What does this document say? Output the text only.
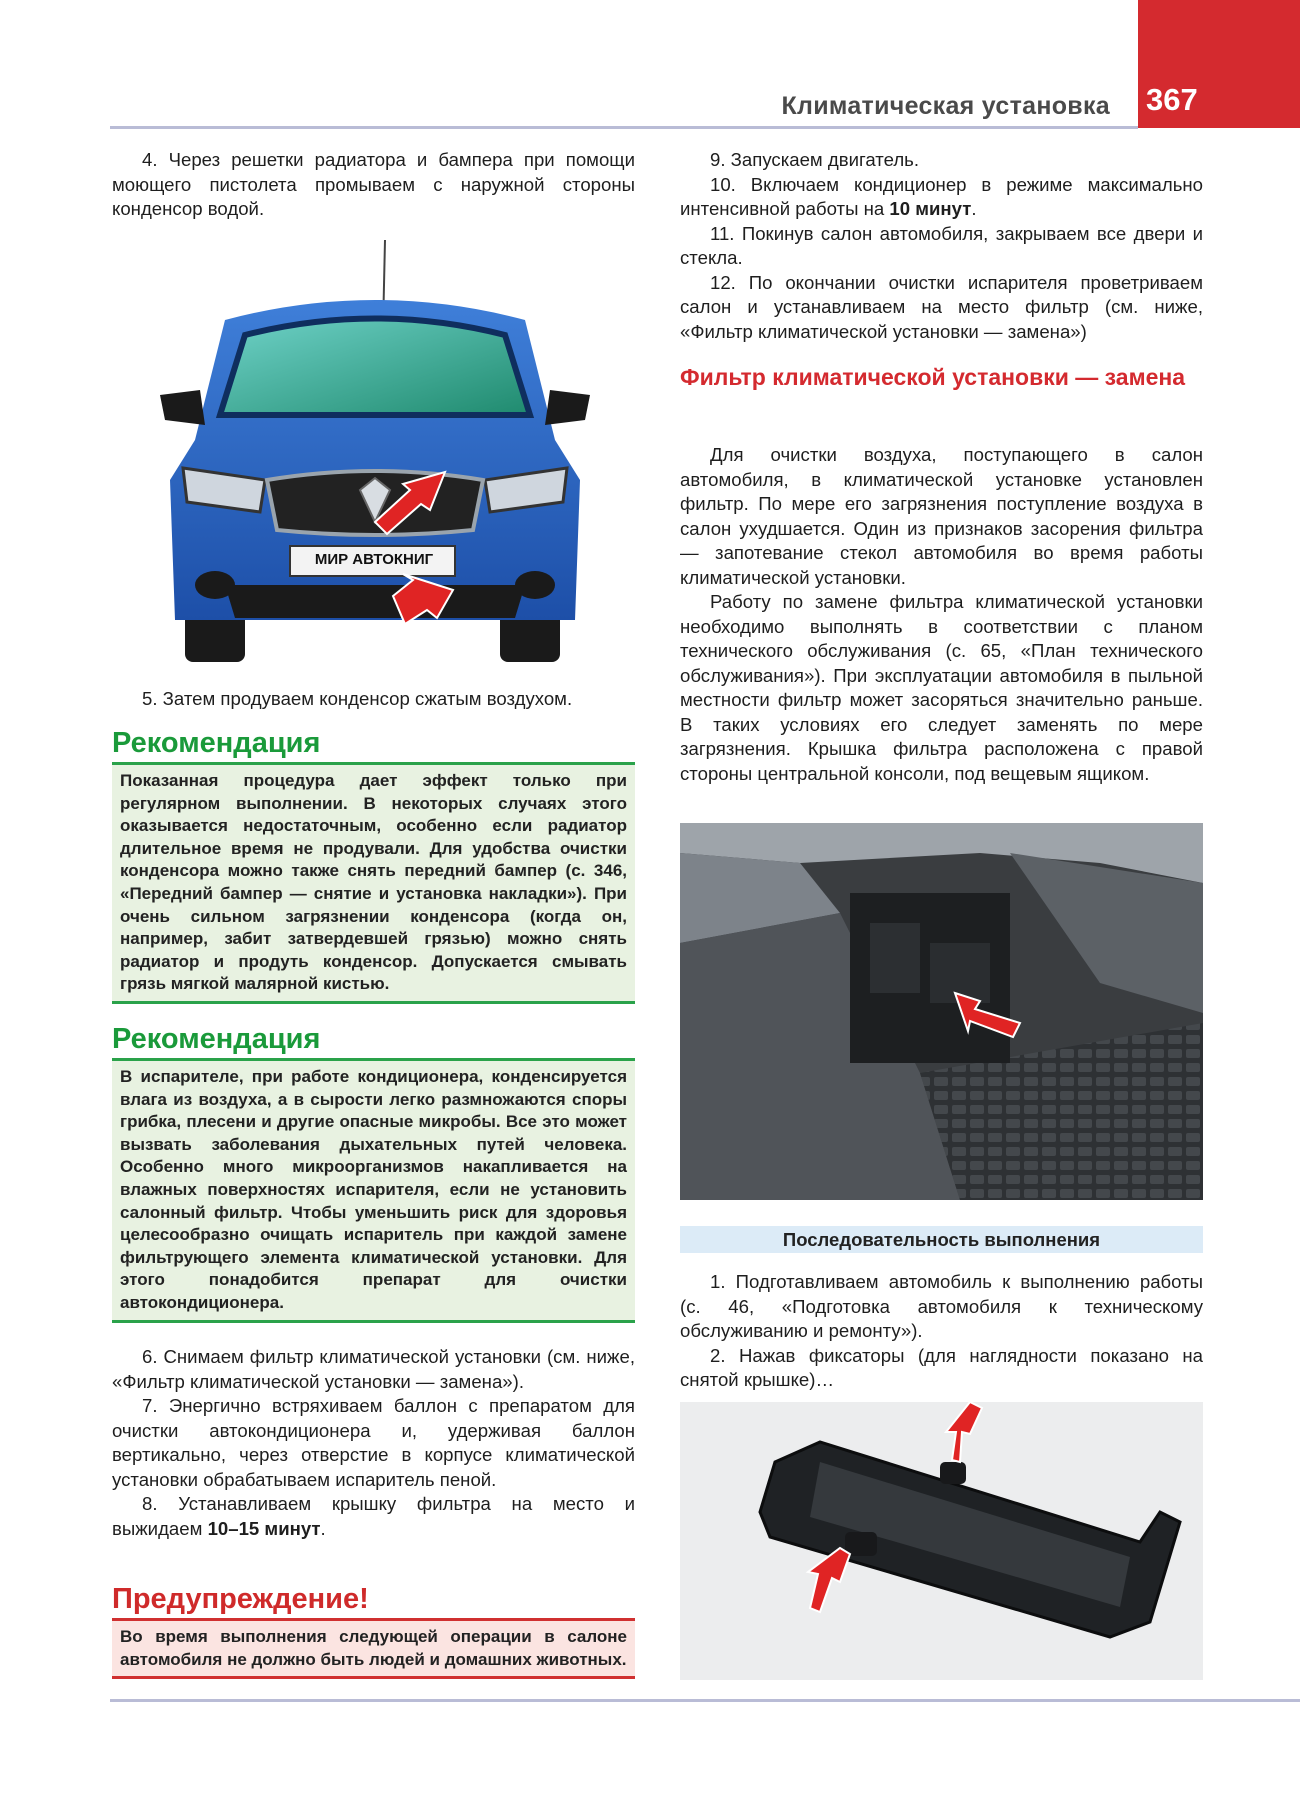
367
Климатическая установка

4. Через решетки радиатора и бампера при помощи моющего пистолета промываем с наружной стороны конденсор водой.

МИР АВТОКНИГ

5. Затем продуваем конденсор сжатым воздухом.

Рекомендация

Показанная процедура дает эффект только при регулярном выполнении. В некоторых случаях этого оказывается недостаточным, особенно если радиатор длительное время не продували. Для удобства очистки конденсора можно также снять передний бампер (с. 346, «Передний бампер — снятие и установка накладки»). При очень сильном загрязнении конденсора (когда он, например, забит затвердевшей грязью) можно снять радиатор и продуть конденсор. Допускается смывать грязь мягкой малярной кистью.

Рекомендация

В испарителе, при работе кондиционера, конденсируется влага из воздуха, а в сырости легко размножаются споры грибка, плесени и другие опасные микробы. Все это может вызвать заболевания дыхательных путей человека. Особенно много микроорганизмов накапливается на влажных поверхностях испарителя, если не установить салонный фильтр. Чтобы уменьшить риск для здоровья целесообразно очищать испаритель при каждой замене фильтрующего элемента климатической установки. Для этого понадобится препарат для очистки автокондиционера.

6. Снимаем фильтр климатической установки (см. ниже, «Фильтр климатической установки — замена»).

7. Энергично встряхиваем баллон с препаратом для очистки автокондиционера и, удерживая баллон вертикально, через отверстие в корпусе климатической установки обрабатываем испаритель пеной.

8. Устанавливаем крышку фильтра на место и выжидаем 10–15 минут.

Предупреждение!

Во время выполнения следующей операции в салоне автомобиля не должно быть людей и домашних животных.

9. Запускаем двигатель.

10. Включаем кондиционер в режиме максимально интенсивной работы на 10 минут.

11. Покинув салон автомобиля, закрываем все двери и стекла.

12. По окончании очистки испарителя проветриваем салон и устанавливаем на место фильтр (см. ниже, «Фильтр климатической установки — замена»)

Фильтр климатической установки — замена

Для очистки воздуха, поступающего в салон автомобиля, в климатической установке установлен фильтр. По мере его загрязнения поступление воздуха в салон ухудшается. Один из признаков засорения фильтра — запотевание стекол автомобиля во время работы климатической установки.

Работу по замене фильтра климатической установки необходимо выполнять в соответствии с планом технического обслуживания (с. 65, «План технического обслуживания»). При эксплуатации автомобиля в пыльной местности фильтр может засоряться значительно раньше. В таких условиях его следует заменять по мере загрязнения. Крышка фильтра расположена с правой стороны центральной консоли, под вещевым ящиком.

Последовательность выполнения

1. Подготавливаем автомобиль к выполнению работы (с. 46, «Подготовка автомобиля к техническому обслуживанию и ремонту»).

2. Нажав фиксаторы (для наглядности показано на снятой крышке)…
